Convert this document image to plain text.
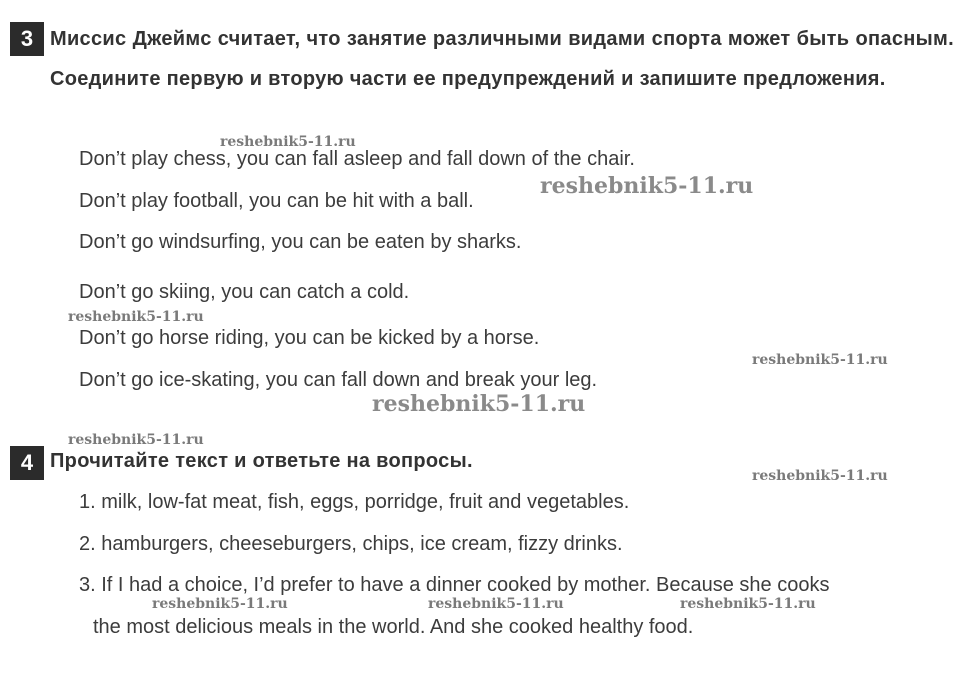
3 Миссис Джеймс считает, что занятие различными видами спорта может быть опасным. Соедините первую и вторую части ее предупреждений и запишите предложения.
Don’t play chess, you can fall asleep and fall down of the chair.
Don’t play football, you can be hit with a ball.
Don’t go windsurfing, you can be eaten by sharks.
Don’t go skiing, you can catch a cold.
Don’t go horse riding, you can be kicked by a horse.
Don’t go ice-skating, you can fall down and break your leg.
4 Прочитайте текст и ответьте на вопросы.
1. milk, low-fat meat, fish, eggs, porridge, fruit and vegetables.
2. hamburgers, cheeseburgers, chips, ice cream, fizzy drinks.
3. If I had a choice, I’d prefer to have a dinner cooked by mother. Because she cooks
the most delicious meals in the world. And she cooked healthy food.
reshebnik5-11.ru
reshebnik5-11.ru
reshebnik5-11.ru
reshebnik5-11.ru
reshebnik5-11.ru
reshebnik5-11.ru
reshebnik5-11.ru
reshebnik5-11.ru	reshebnik5-11.ru	reshebnik5-11.ru
